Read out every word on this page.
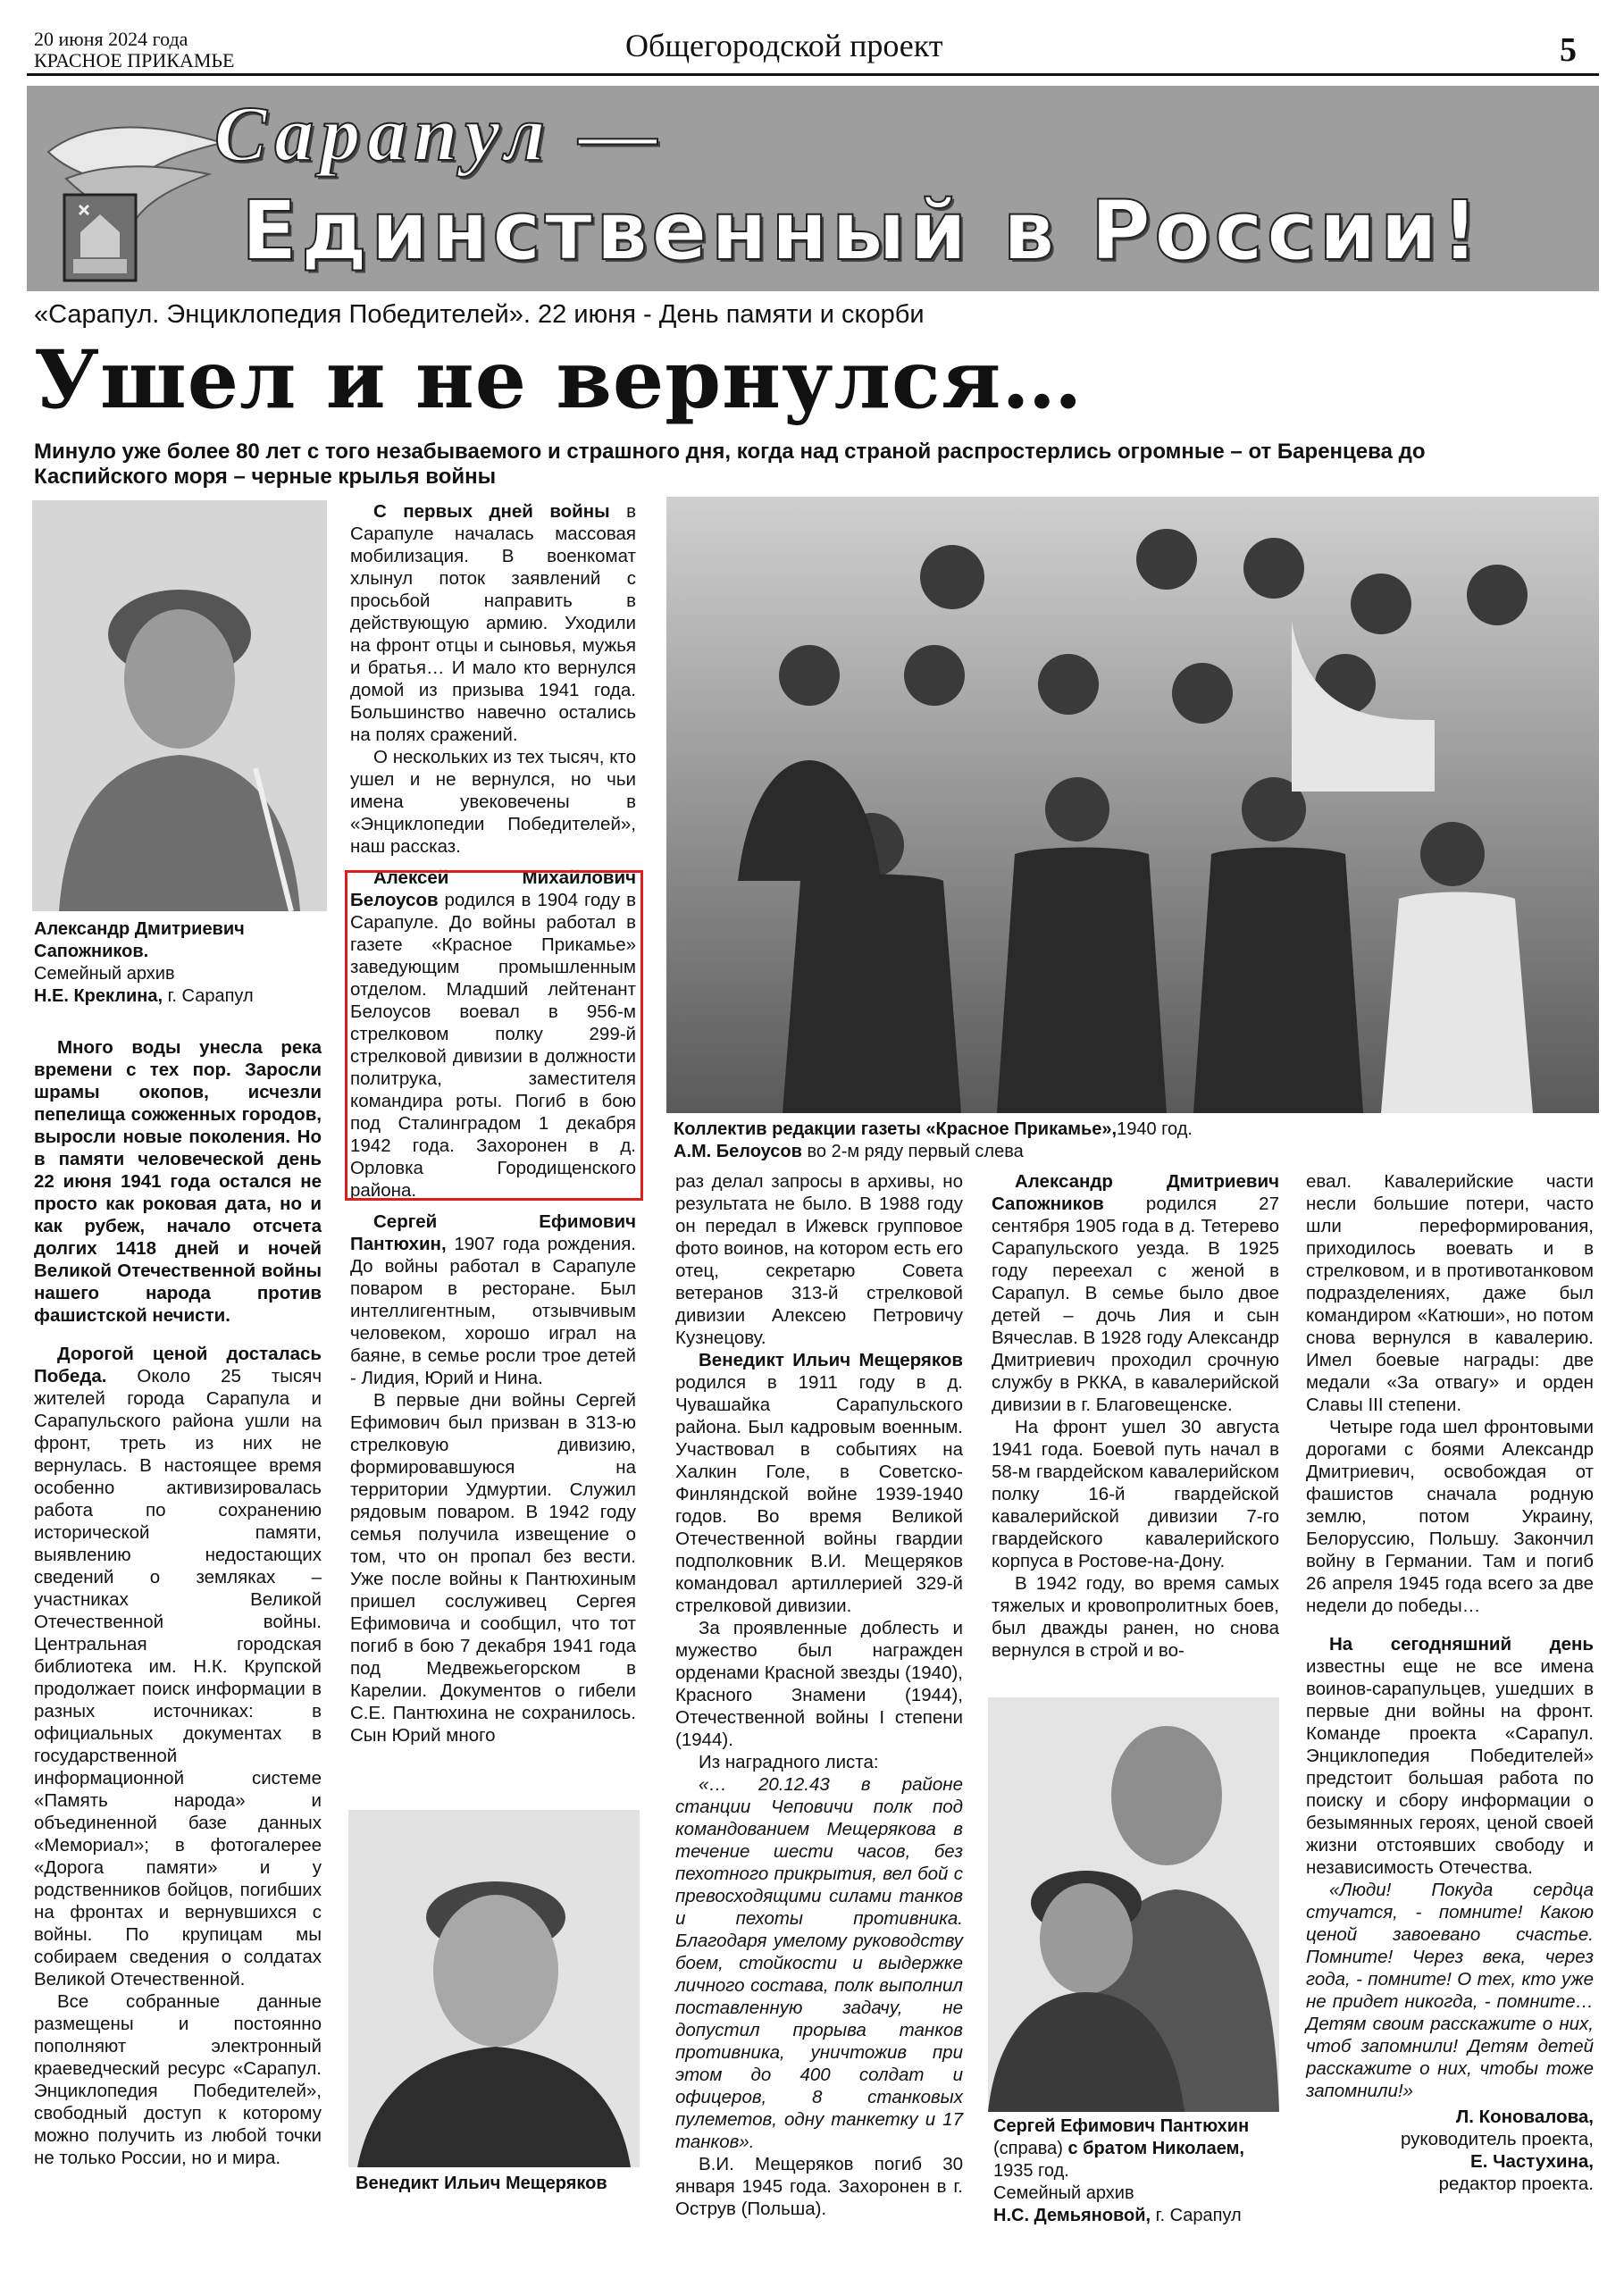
20 июня 2024 года
КРАСНОЕ ПРИКАМЬЕ	Общегородской проект	5
Сарапул —
Единственный в России!
«Сарапул. Энциклопедия Победителей». 22 июня - День памяти и скорби
Ушел и не вернулся…
Минуло уже более 80 лет с того незабываемого и страшного дня, когда над страной распростерлись огромные – от Баренцева до Каспийского моря – черные крылья войны
Александр Дмитриевич Сапожников.
Семейный архив
Н.Е. Креклина, г. Сарапул

Много воды унесла река времени с тех пор. Заросли шрамы окопов, исчезли пепелища сожженных городов, выросли новые поколения. Но в памяти человеческой день 22 июня 1941 года остался не просто как роковая дата, но и как рубеж, начало отсчета долгих 1418 дней и ночей Великой Отечественной войны нашего народа против фашистской нечисти.

Дорогой ценой досталась Победа. Около 25 тысяч жителей города Сарапула и Сарапульского района ушли на фронт, треть из них не вернулась. В настоящее время особенно активизировалась работа по сохранению исторической памяти, выявлению недостающих сведений о земляках – участниках Великой Отечественной войны. Центральная городская библиотека им. Н.К. Крупской продолжает поиск информации в разных источниках: в официальных документах в государственной информационной системе «Память народа» и объединенной базе данных «Мемориал»; в фотогалерее «Дорога памяти» и у родственников бойцов, погибших на фронтах и вернувшихся с войны. По крупицам мы собираем сведения о солдатах Великой Отечественной.

Все собранные данные размещены и постоянно пополняют электронный краеведческий ресурс «Сарапул. Энциклопедия Победителей», свободный доступ к которому можно получить из любой точки не только России, но и мира.

С первых дней войны в Сарапуле началась массовая мобилизация. В военкомат хлынул поток заявлений с просьбой направить в действующую армию. Уходили на фронт отцы и сыновья, мужья и братья… И мало кто вернулся домой из призыва 1941 года. Большинство навечно остались на полях сражений.

О нескольких из тех тысяч, кто ушел и не вернулся, но чьи имена увековечены в «Энциклопедии Победителей», наш рассказ.

Алексей Михайлович Белоусов родился в 1904 году в Сарапуле. До войны работал в газете «Красное Прикамье» заведующим промышленным отделом. Младший лейтенант Белоусов воевал в 956-м стрелковом полку 299-й стрелковой дивизии в должности политрука, заместителя командира роты. Погиб в бою под Сталинградом 1 декабря 1942 года. Захоронен в д. Орловка Городищенского района.

Сергей Ефимович Пантюхин, 1907 года рождения. До войны работал в Сарапуле поваром в ресторане. Был интеллигентным, отзывчивым человеком, хорошо играл на баяне, в семье росли трое детей - Лидия, Юрий и Нина.

В первые дни войны Сергей Ефимович был призван в 313-ю стрелковую дивизию, формировавшуюся на территории Удмуртии. Служил рядовым поваром. В 1942 году семья получила извещение о том, что он пропал без вести. Уже после войны к Пантюхиным пришел сослуживец Сергея Ефимовича и сообщил, что тот погиб в бою 7 декабря 1941 года под Медвежьегорском в Карелии. Документов о гибели С.Е. Пантюхина не сохранилось. Сын Юрий много

Венедикт Ильич Мещеряков
Коллектив редакции газеты «Красное Прикамье»,1940 год.
А.М. Белоусов во 2-м ряду первый слева

раз делал запросы в архивы, но результата не было. В 1988 году он передал в Ижевск групповое фото воинов, на котором есть его отец, секретарю Совета ветеранов 313-й стрелковой дивизии Алексею Петровичу Кузнецову.

Венедикт Ильич Мещеряков родился в 1911 году в д. Чувашайка Сарапульского района. Был кадровым военным. Участвовал в событиях на Халкин Голе, в Советско-Финляндской войне 1939-1940 годов. Во время Великой Отечественной войны гвардии подполковник В.И. Мещеряков командовал артиллерией 329-й стрелковой дивизии.

За проявленные доблесть и мужество был награжден орденами Красной звезды (1940), Красного Знамени (1944), Отечественной войны I степени (1944).

Из наградного листа:

«… 20.12.43 в районе станции Чеповичи полк под командованием Мещерякова в течение шести часов, без пехотного прикрытия, вел бой с превосходящими силами танков и пехоты противника. Благодаря умелому руководству боем, стойкости и выдержке личного состава, полк выполнил поставленную задачу, не допустил прорыва танков противника, уничтожив при этом до 400 солдат и офицеров, 8 станковых пулеметов, одну танкетку и 17 танков».

В.И. Мещеряков погиб 30 января 1945 года. Захоронен в г. Острув (Польша).

Александр Дмитриевич Сапожников родился 27 сентября 1905 года в д. Тетерево Сарапульского уезда. В 1925 году переехал с женой в Сарапул. В семье было двое детей – дочь Лия и сын Вячеслав. В 1928 году Александр Дмитриевич проходил срочную службу в РККА, в кавалерийской дивизии в г. Благовещенске.

На фронт ушел 30 августа 1941 года. Боевой путь начал в 58-м гвардейском кавалерийском полку 16-й гвардейской кавалерийской дивизии 7-го гвардейского кавалерийского корпуса в Ростове-на-Дону.

В 1942 году, во время самых тяжелых и кровопролитных боев, был дважды ранен, но снова вернулся в строй и во-

Сергей Ефимович Пантюхин (справа) с братом Николаем, 1935 год.
Семейный архив
Н.С. Демьяновой, г. Сарапул

евал. Кавалерийские части несли большие потери, часто шли переформирования, приходилось воевать и в стрелковом, и в противотанковом подразделениях, даже был командиром «Катюши», но потом снова вернулся в кавалерию. Имел боевые награды: две медали «За отвагу» и орден Славы III степени.

Четыре года шел фронтовыми дорогами с боями Александр Дмитриевич, освобождая от фашистов сначала родную землю, потом Украину, Белоруссию, Польшу. Закончил войну в Германии. Там и погиб 26 апреля 1945 года всего за две недели до победы…

На сегодняшний день известны еще не все имена воинов-сарапульцев, ушедших в первые дни войны на фронт. Команде проекта «Сарапул. Энциклопедия Победителей» предстоит большая работа по поиску и сбору информации о безымянных героях, ценой своей жизни отстоявших свободу и независимость Отечества.

«Люди! Покуда сердца стучатся, - помните! Какою ценой завоевано счастье. Помните! Через века, через года, - помните! О тех, кто уже не придет никогда, - помните… Детям своим расскажите о них, чтоб запомнили! Детям детей расскажите о них, чтобы тоже запомнили!»

Л. Коновалова,
руководитель проекта,
Е. Частухина,
редактор проекта.
